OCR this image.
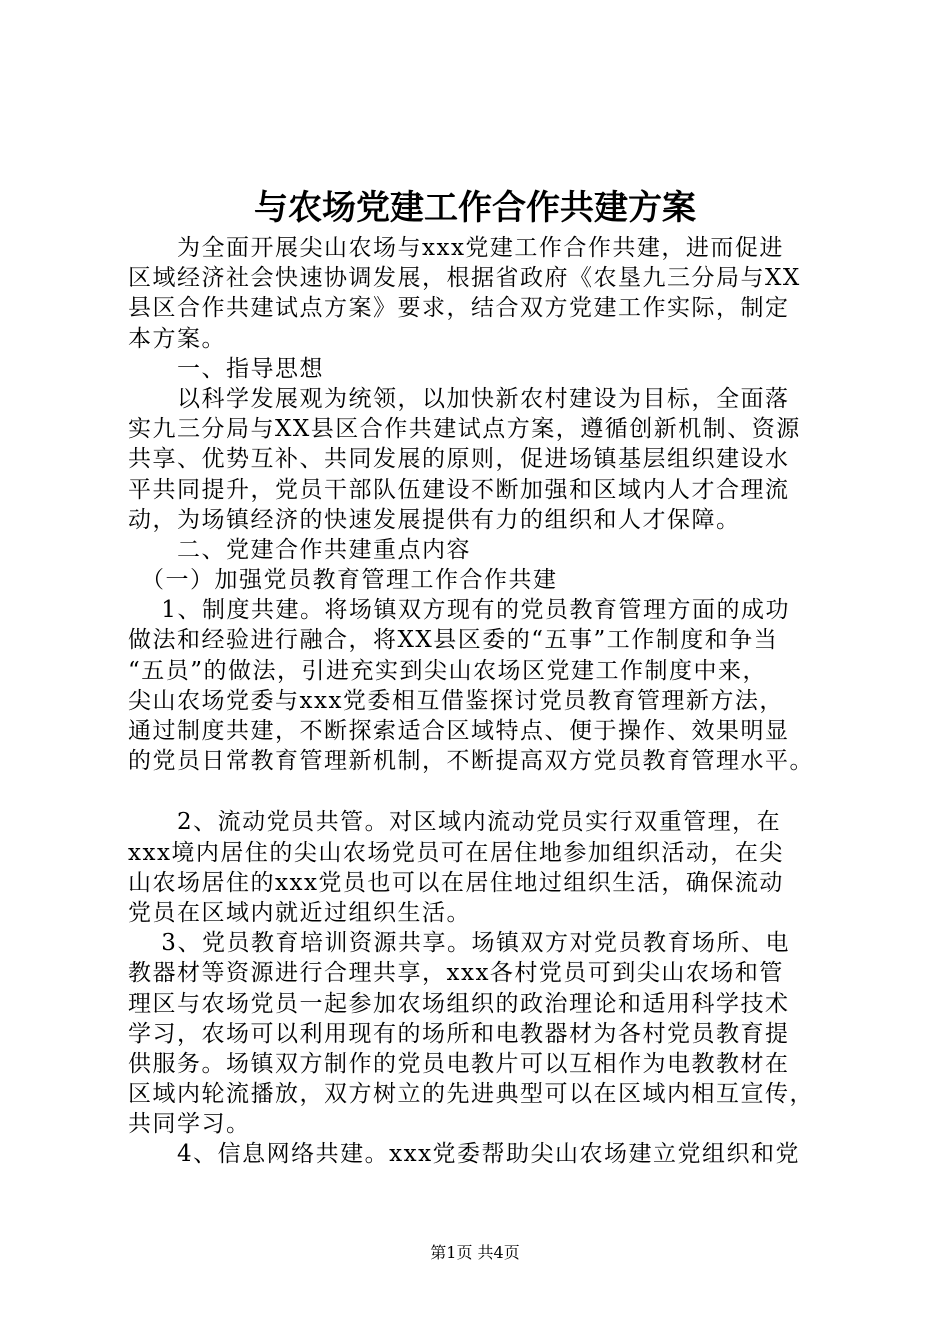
与农场党建工作合作共建方案
　　为全面开展尖山农场与xxx党建工作合作共建，进而促进
区域经济社会快速协调发展，根据省政府《农垦九三分局与XX
县区合作共建试点方案》要求，结合双方党建工作实际，制定
本方案。
　　一、指导思想
　　以科学发展观为统领，以加快新农村建设为目标，全面落
实九三分局与XX县区合作共建试点方案，遵循创新机制、资源
共享、优势互补、共同发展的原则，促进场镇基层组织建设水
平共同提升，党员干部队伍建设不断加强和区域内人才合理流
动，为场镇经济的快速发展提供有力的组织和人才保障。
　　二、党建合作共建重点内容
　（一）加强党员教育管理工作合作共建
　 1、制度共建。将场镇双方现有的党员教育管理方面的成功
做法和经验进行融合，将XX县区委的“五事”工作制度和争当
“五员”的做法，引进充实到尖山农场区党建工作制度中来，
尖山农场党委与xxx党委相互借鉴探讨党员教育管理新方法，
通过制度共建，不断探索适合区域特点、便于操作、效果明显
的党员日常教育管理新机制，不断提高双方党员教育管理水平。
　　2、流动党员共管。对区域内流动党员实行双重管理，在
xxx境内居住的尖山农场党员可在居住地参加组织活动，在尖
山农场居住的xxx党员也可以在居住地过组织生活，确保流动
党员在区域内就近过组织生活。
　 3、党员教育培训资源共享。场镇双方对党员教育场所、电
教器材等资源进行合理共享，xxx各村党员可到尖山农场和管
理区与农场党员一起参加农场组织的政治理论和适用科学技术
学习，农场可以利用现有的场所和电教器材为各村党员教育提
供服务。场镇双方制作的党员电教片可以互相作为电教教材在
区域内轮流播放，双方树立的先进典型可以在区域内相互宣传，
共同学习。
　　4、信息网络共建。xxx党委帮助尖山农场建立党组织和党
第1页 共4页
